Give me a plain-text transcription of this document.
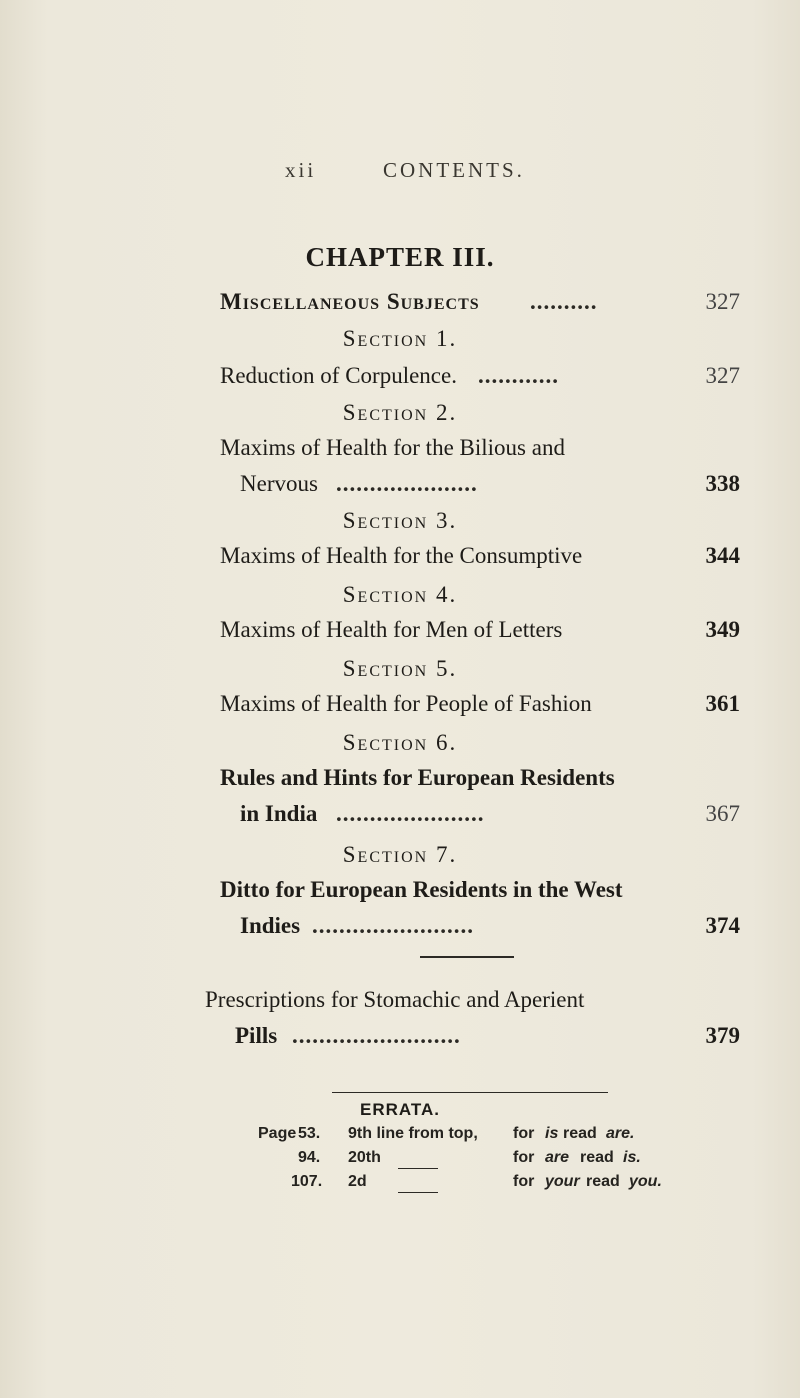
xii	CONTENTS.
CHAPTER III.
Miscellaneous Subjects ..........	327
Section 1.
Reduction of Corpulence. ............	327
Section 2.
Maxims of Health for the Bilious and
Nervous .....................	338
Section 3.
Maxims of Health for the Consumptive	344
Section 4.
Maxims of Health for Men of Letters	349
Section 5.
Maxims of Health for People of Fashion	361
Section 6.
Rules and Hints for European Residents
in India ......................	367
Section 7.
Ditto for European Residents in the West
Indies ........................	374
Prescriptions for Stomachic and Aperient
Pills .........................	379
ERRATA.
Page 53. 9th line from top, for is read are.
94. 20th	for are read is.
107. 2d	for your read you.
